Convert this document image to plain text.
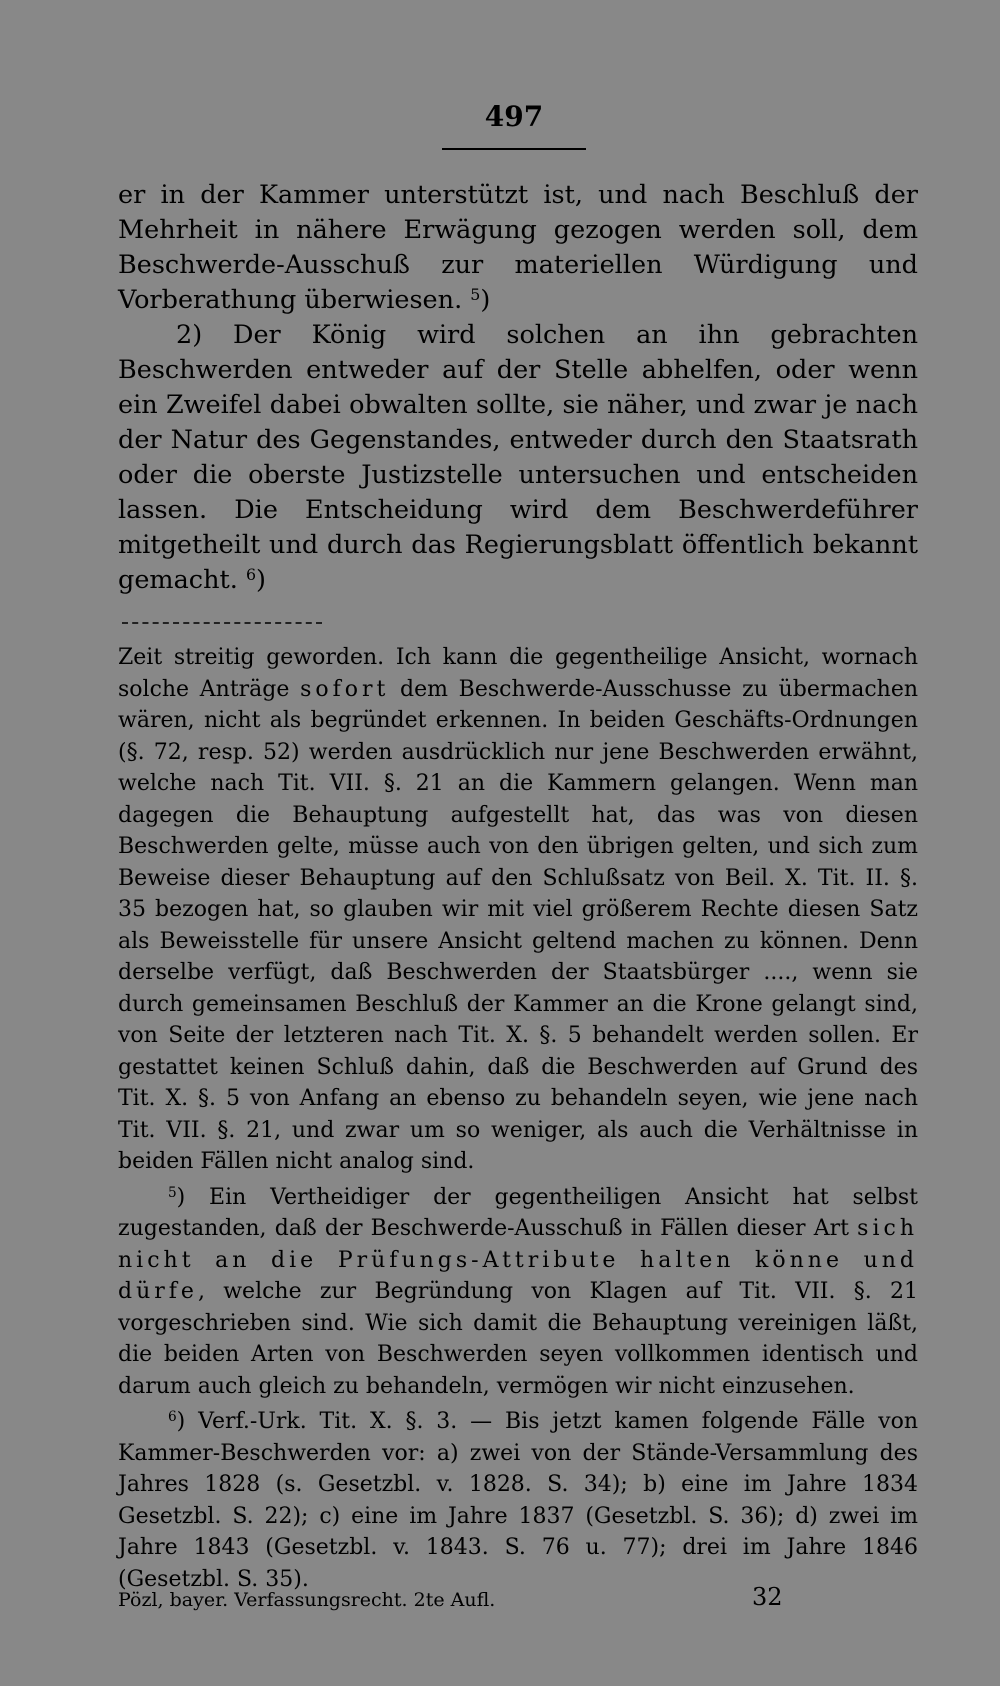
497

er in der Kammer unterstützt ist, und nach Beschluß der Mehrheit in nähere Erwägung gezogen werden soll, dem Beschwerde-Ausschuß zur materiellen Würdigung und Vorberathung überwiesen. $^5$)

2) Der König wird solchen an ihn gebrachten Beschwerden entweder auf der Stelle abhelfen, oder wenn ein Zweifel dabei obwalten sollte, sie näher, und zwar je nach der Natur des Gegenstandes, entweder durch den Staatsrath oder die oberste Justizstelle untersuchen und entscheiden lassen. Die Entscheidung wird dem Beschwerdeführer mitgetheilt und durch das Regierungsblatt öffentlich bekannt gemacht. $^6$)

Zeit streitig geworden. Ich kann die gegentheilige Ansicht, wornach solche Anträge sofort dem Beschwerde-Ausschusse zu übermachen wären, nicht als begründet erkennen. In beiden Geschäfts-Ordnungen (§. 72, resp. 52) werden ausdrücklich nur jene Beschwerden erwähnt, welche nach Tit. VII. §. 21 an die Kammern gelangen. Wenn man dagegen die Behauptung aufgestellt hat, das was von diesen Beschwerden gelte, müsse auch von den übrigen gelten, und sich zum Beweise dieser Behauptung auf den Schlußsatz von Beil. X. Tit. II. §. 35 bezogen hat, so glauben wir mit viel größerem Rechte diesen Satz als Beweisstelle für unsere Ansicht geltend machen zu können. Denn derselbe verfügt, daß Beschwerden der Staatsbürger ...., wenn sie durch gemeinsamen Beschluß der Kammer an die Krone gelangt sind, von Seite der letzteren nach Tit. X. §. 5 behandelt werden sollen. Er gestattet keinen Schluß dahin, daß die Beschwerden auf Grund des Tit. X. §. 5 von Anfang an ebenso zu behandeln seyen, wie jene nach Tit. VII. §. 21, und zwar um so weniger, als auch die Verhältnisse in beiden Fällen nicht analog sind.

$^5$) Ein Vertheidiger der gegentheiligen Ansicht hat selbst zugestanden, daß der Beschwerde-Ausschuß in Fällen dieser Art sich nicht an die Prüfungs-Attribute halten könne und dürfe, welche zur Begründung von Klagen auf Tit. VII. §. 21 vorgeschrieben sind. Wie sich damit die Behauptung vereinigen läßt, die beiden Arten von Beschwerden seyen vollkommen identisch und darum auch gleich zu behandeln, vermögen wir nicht einzusehen.

$^6$) Verf.-Urk. Tit. X. §. 3. — Bis jetzt kamen folgende Fälle von Kammer-Beschwerden vor: a) zwei von der Stände-Versammlung des Jahres 1828 (s. Gesetzbl. v. 1828. S. 34); b) eine im Jahre 1834 Gesetzbl. S. 22); c) eine im Jahre 1837 (Gesetzbl. S. 36); d) zwei im Jahre 1843 (Gesetzbl. v. 1843. S. 76 u. 77); drei im Jahre 1846 (Gesetzbl. S. 35).

Pözl, bayer. Verfassungsrecht. 2te Aufl.	32
